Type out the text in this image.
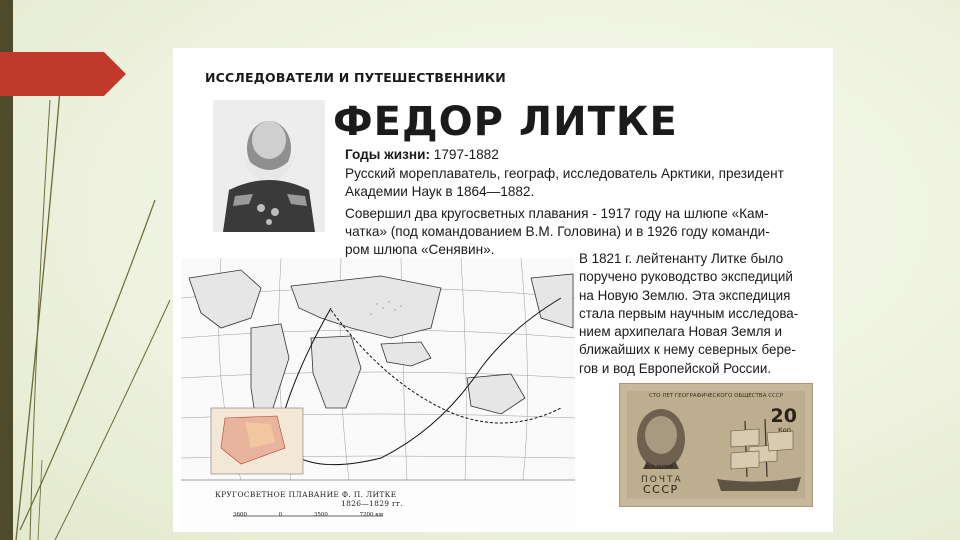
ИССЛЕДОВАТЕЛИ И ПУТЕШЕСТВЕННИКИ
ФЕДОР ЛИТКЕ
Годы жизни: 1797-1882
Русский мореплаватель, географ, исследователь Арктики, президент
Академии Наук в 1864—1882.
Совершил два кругосветных плавания - 1917 году на шлюпе «Кам-
чатка» (под командованием В.М. Головина) и в 1926 году команди-
ром шлюпа «Сенявин».
КРУГОСВЕТНОЕ ПЛАВАНИЕ Ф. П. ЛИТКЕ
1826—1829 гг.
3600	0	3500	7200 км
В 1821 г. лейтенанту Литке было
поручено руководство экспедиций
на Новую Землю. Эта экспедиция
стала первым научным исследова-
нием архипелага Новая Земля и
ближайших к нему северных бере-
гов и вод Европейской России.
СТО ЛЕТ ГЕОГРАФИЧЕСКОГО ОБЩЕСТВА СССР
20
Коп
Ф.П.ЛИТКЕ
ПОЧТА
СССР
